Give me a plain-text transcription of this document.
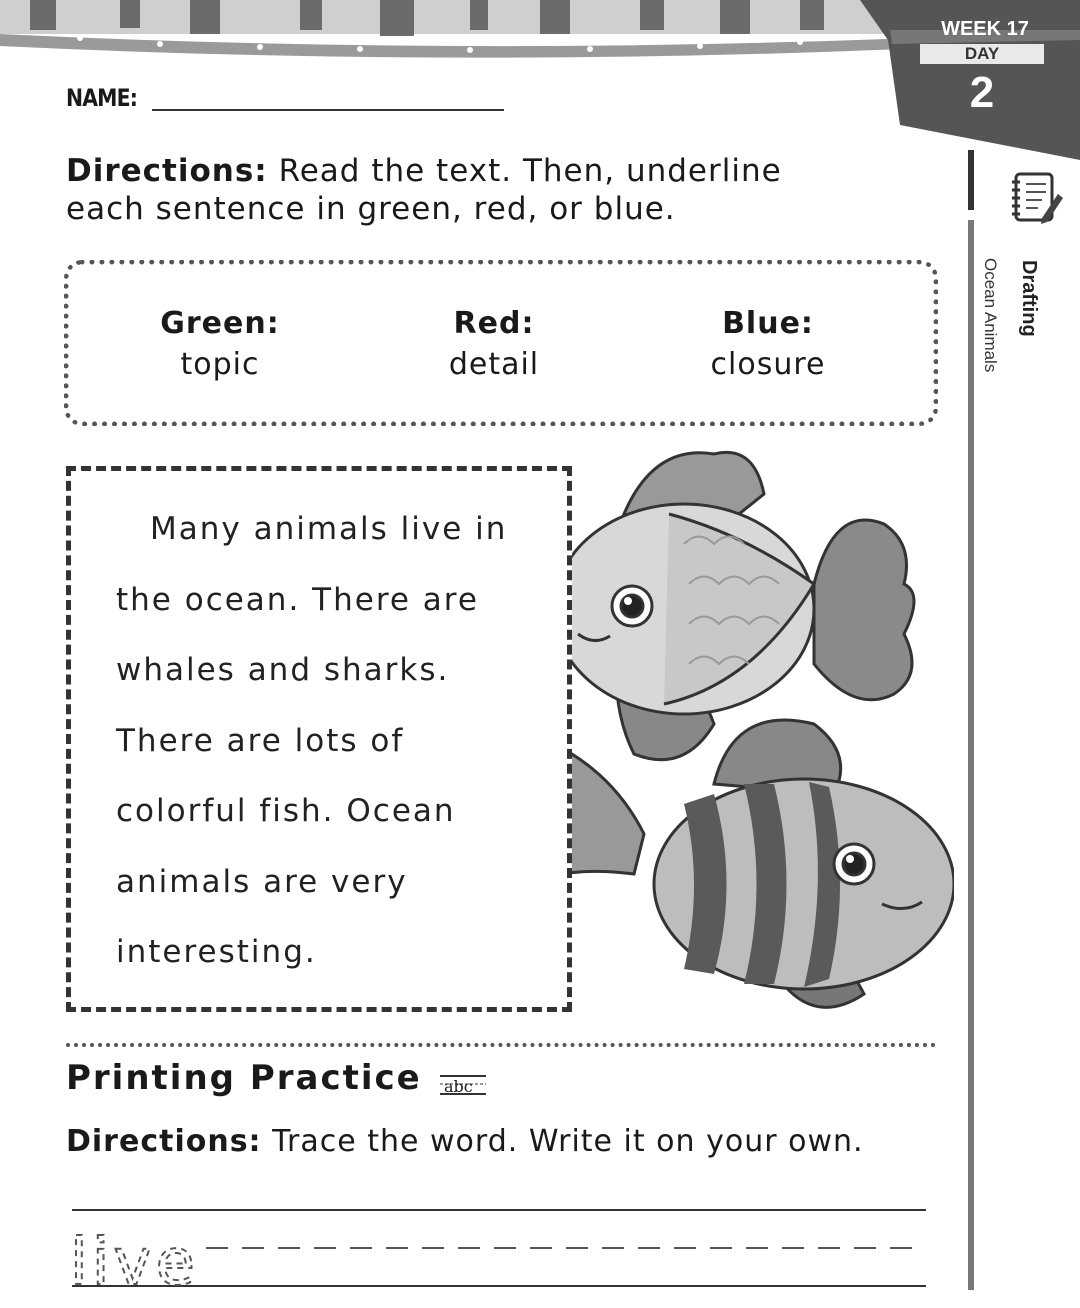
WEEK 17
DAY
2
Drafting
Ocean Animals
NAME:
Directions: Read the text. Then, underline each sentence in green, red, or blue.
Green:
topic
Red:
detail
Blue:
closure
Many animals live in
the ocean. There are
whales and sharks.
There are lots of
colorful fish. Ocean
animals are very
interesting.
Printing Practice abc
Directions: Trace the word. Write it on your own.
live
